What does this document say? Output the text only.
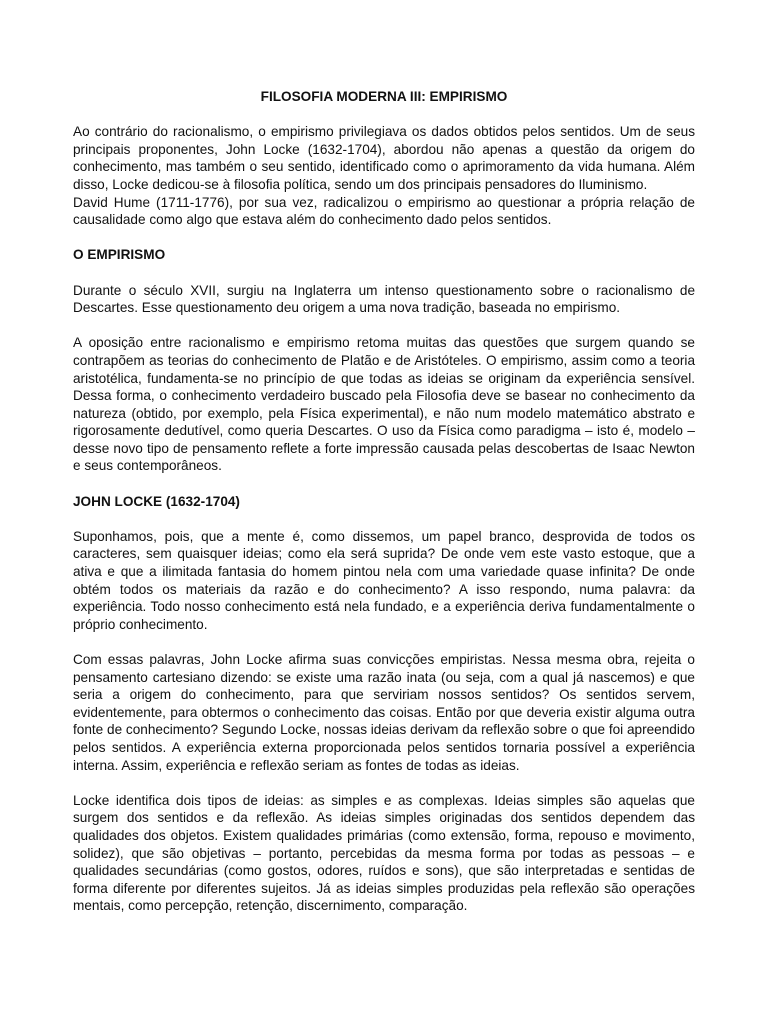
FILOSOFIA MODERNA III: EMPIRISMO

Ao contrário do racionalismo, o empirismo privilegiava os dados obtidos pelos sentidos. Um de seus principais proponentes, John Locke (1632-1704), abordou não apenas a questão da origem do conhecimento, mas também o seu sentido, identificado como o aprimoramento da vida humana. Além disso, Locke dedicou-se à filosofia política, sendo um dos principais pensadores do Iluminismo.

David Hume (1711-1776), por sua vez, radicalizou o empirismo ao questionar a própria relação de causalidade como algo que estava além do conhecimento dado pelos sentidos.

O EMPIRISMO

Durante o século XVII, surgiu na Inglaterra um intenso questionamento sobre o racionalismo de Descartes. Esse questionamento deu origem a uma nova tradição, baseada no empirismo.

A oposição entre racionalismo e empirismo retoma muitas das questões que surgem quando se contrapõem as teorias do conhecimento de Platão e de Aristóteles. O empirismo, assim como a teoria aristotélica, fundamenta-se no princípio de que todas as ideias se originam da experiência sensível. Dessa forma, o conhecimento verdadeiro buscado pela Filosofia deve se basear no conhecimento da natureza (obtido, por exemplo, pela Física experimental), e não num modelo matemático abstrato e rigorosamente dedutível, como queria Descartes. O uso da Física como paradigma – isto é, modelo – desse novo tipo de pensamento reflete a forte impressão causada pelas descobertas de Isaac Newton e seus contemporâneos.

JOHN LOCKE (1632-1704)

Suponhamos, pois, que a mente é, como dissemos, um papel branco, desprovida de todos os caracteres, sem quaisquer ideias; como ela será suprida? De onde vem este vasto estoque, que a ativa e que a ilimitada fantasia do homem pintou nela com uma variedade quase infinita? De onde obtém todos os materiais da razão e do conhecimento? A isso respondo, numa palavra: da experiência. Todo nosso conhecimento está nela fundado, e a experiência deriva fundamentalmente o próprio conhecimento.

Com essas palavras, John Locke afirma suas convicções empiristas. Nessa mesma obra, rejeita o pensamento cartesiano dizendo: se existe uma razão inata (ou seja, com a qual já nascemos) e que seria a origem do conhecimento, para que serviriam nossos sentidos? Os sentidos servem, evidentemente, para obtermos o conhecimento das coisas. Então por que deveria existir alguma outra fonte de conhecimento? Segundo Locke, nossas ideias derivam da reflexão sobre o que foi apreendido pelos sentidos. A experiência externa proporcionada pelos sentidos tornaria possível a experiência interna. Assim, experiência e reflexão seriam as fontes de todas as ideias.

Locke identifica dois tipos de ideias: as simples e as complexas. Ideias simples são aquelas que surgem dos sentidos e da reflexão. As ideias simples originadas dos sentidos dependem das qualidades dos objetos. Existem qualidades primárias (como extensão, forma, repouso e movimento, solidez), que são objetivas – portanto, percebidas da mesma forma por todas as pessoas – e qualidades secundárias (como gostos, odores, ruídos e sons), que são interpretadas e sentidas de forma diferente por diferentes sujeitos. Já as ideias simples produzidas pela reflexão são operações mentais, como percepção, retenção, discernimento, comparação.
